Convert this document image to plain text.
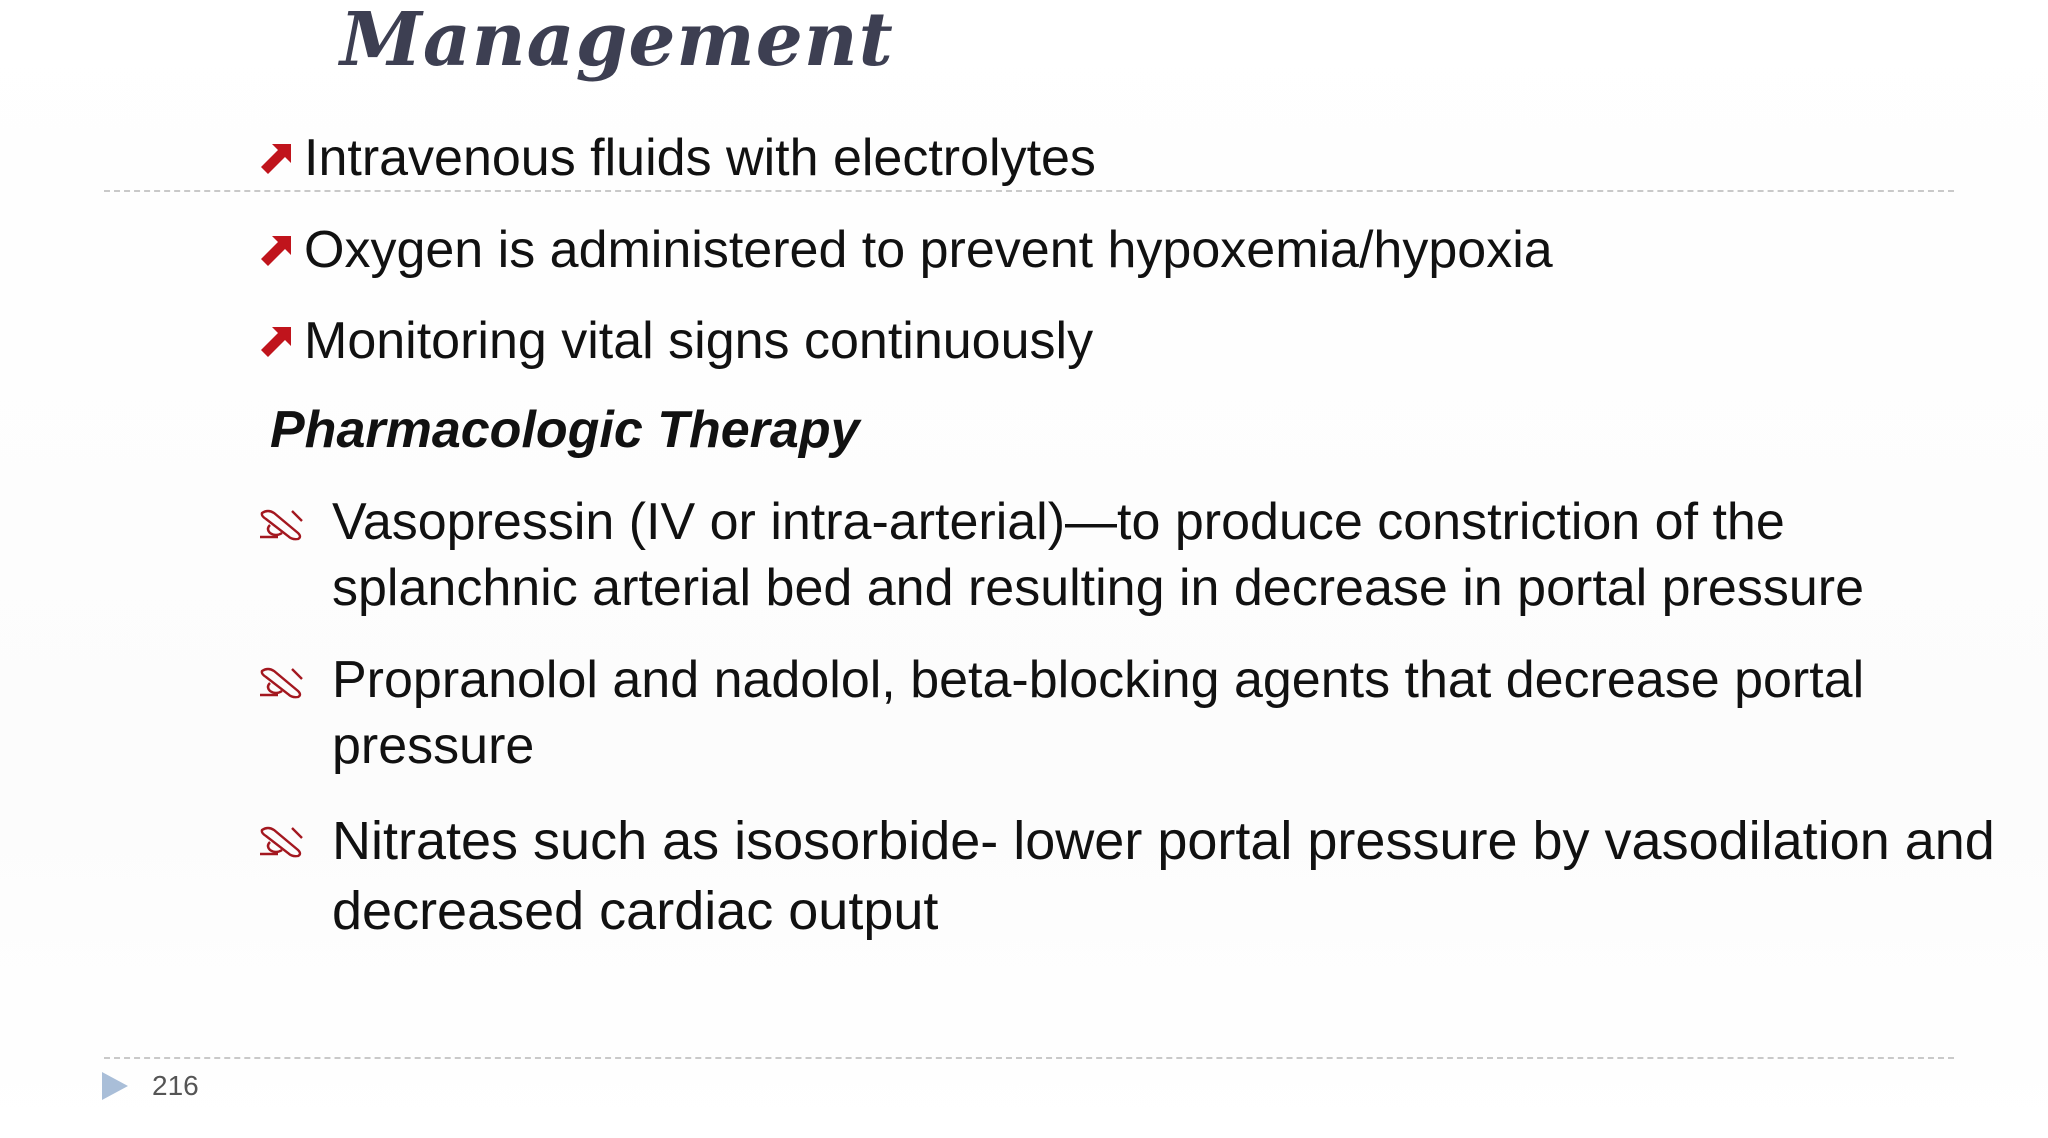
Management
Intravenous fluids with electrolytes
Oxygen is administered to prevent hypoxemia/hypoxia
Monitoring vital signs continuously
Pharmacologic Therapy
Vasopressin (IV or intra-arterial)—to produce constriction of the splanchnic arterial bed and resulting in decrease in portal pressure
Propranolol and nadolol, beta-blocking agents that decrease portal pressure
Nitrates such as isosorbide- lower portal pressure by vasodilation and decreased cardiac output
216
